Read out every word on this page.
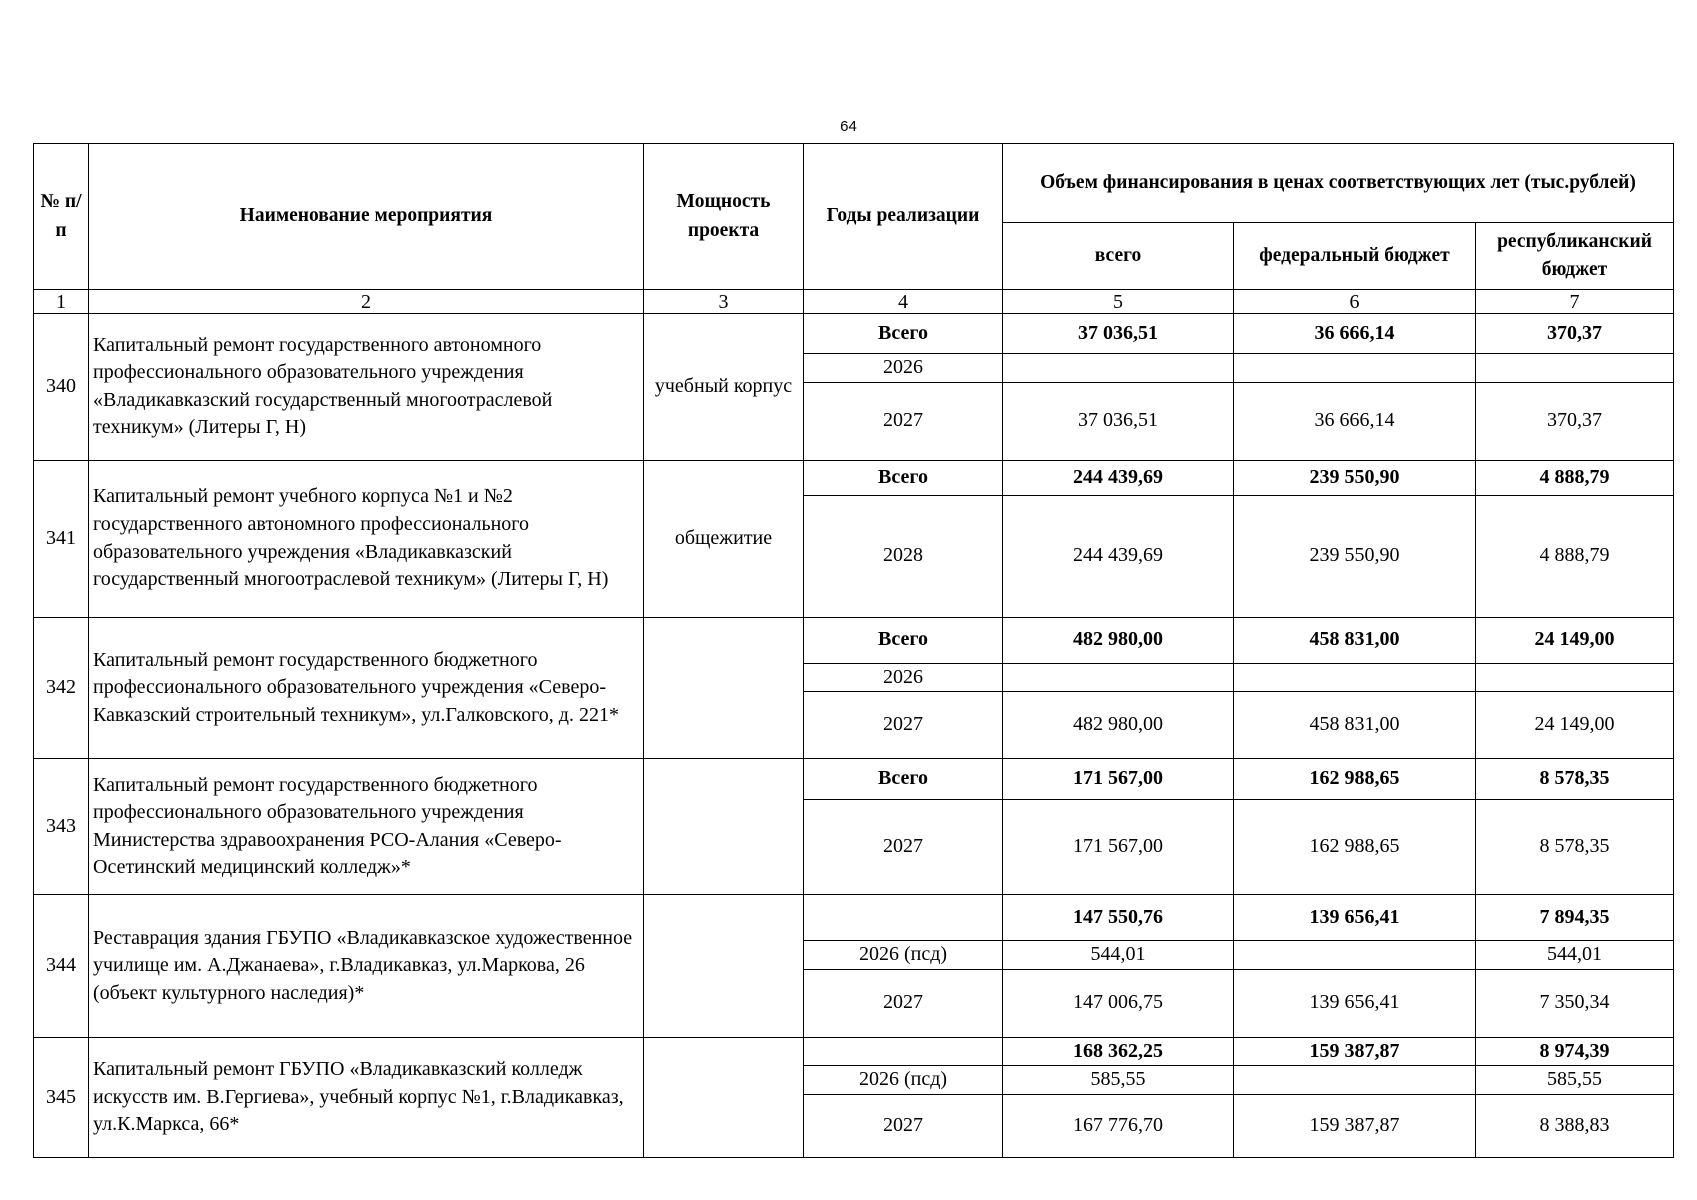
64
№ п/п	Наименование мероприятия	Мощность проекта	Годы реализации	Объем финансирования в ценах соответствующих лет (тыс.рублей)		
				всего	федеральный бюджет	республиканский бюджет
1	2	3	4	5	6	7
340	Капитальный ремонт государственного автономного профессионального образовательного учреждения «Владикавказский государственный многоотраслевой техникум» (Литеры Г, Н)	учебный корпус	Всего	37 036,51	36 666,14	370,37
			2026			
			2027	37 036,51	36 666,14	370,37
341	Капитальный ремонт учебного корпуса №1 и №2 государственного автономного профессионального образовательного учреждения «Владикавказский государственный многоотраслевой техникум» (Литеры Г, Н)	общежитие	Всего	244 439,69	239 550,90	4 888,79
			2028	244 439,69	239 550,90	4 888,79
342	Капитальный ремонт государственного бюджетного профессионального образовательного учреждения «Северо-Кавказский строительный техникум», ул.Галковского, д. 221*		Всего	482 980,00	458 831,00	24 149,00
			2026			
			2027	482 980,00	458 831,00	24 149,00
343	Капитальный ремонт государственного бюджетного профессионального образовательного учреждения Министерства здравоохранения РСО-Алания «Северо-Осетинский медицинский колледж»*		Всего	171 567,00	162 988,65	8 578,35
			2027	171 567,00	162 988,65	8 578,35
344	Реставрация здания ГБУПО «Владикавказское художественное училище им. А.Джанаева», г.Владикавказ, ул.Маркова, 26 (объект культурного наследия)*			147 550,76	139 656,41	7 894,35
			2026 (псд)	544,01		544,01
			2027	147 006,75	139 656,41	7 350,34
345	Капитальный ремонт ГБУПО «Владикавказский колледж искусств им. В.Гергиева», учебный корпус №1, г.Владикавказ, ул.К.Маркса, 66*			168 362,25	159 387,87	8 974,39
			2026 (псд)	585,55		585,55
			2027	167 776,70	159 387,87	8 388,83
